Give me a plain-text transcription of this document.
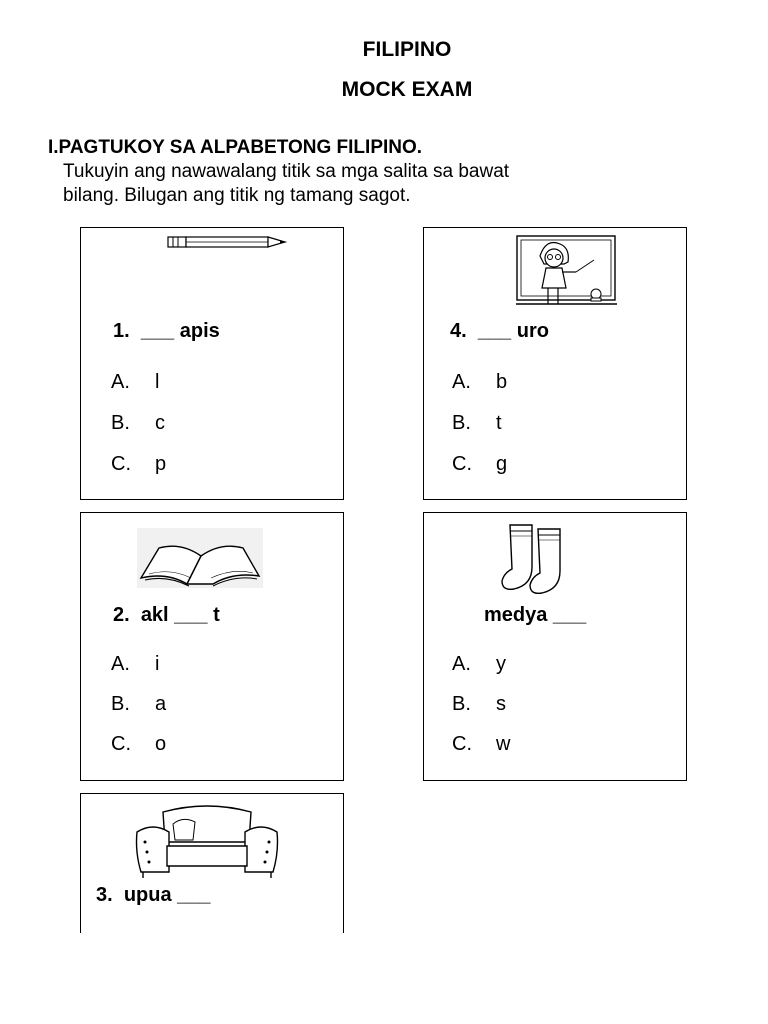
FILIPINO
MOCK EXAM
I.PAGTUKOY SA ALPABETONG FILIPINO.
Tukuyin ang nawawalang titik sa mga salita sa bawat
bilang. Bilugan ang titik ng tamang sagot.
1. ___ apis
A. l
B. c
C. p
4. ___ uro
A. b
B. t
C. g
2. akl ___ t
A. i
B. a
C. o
medya ___
A. y
B. s
C. w
3. upua ___
